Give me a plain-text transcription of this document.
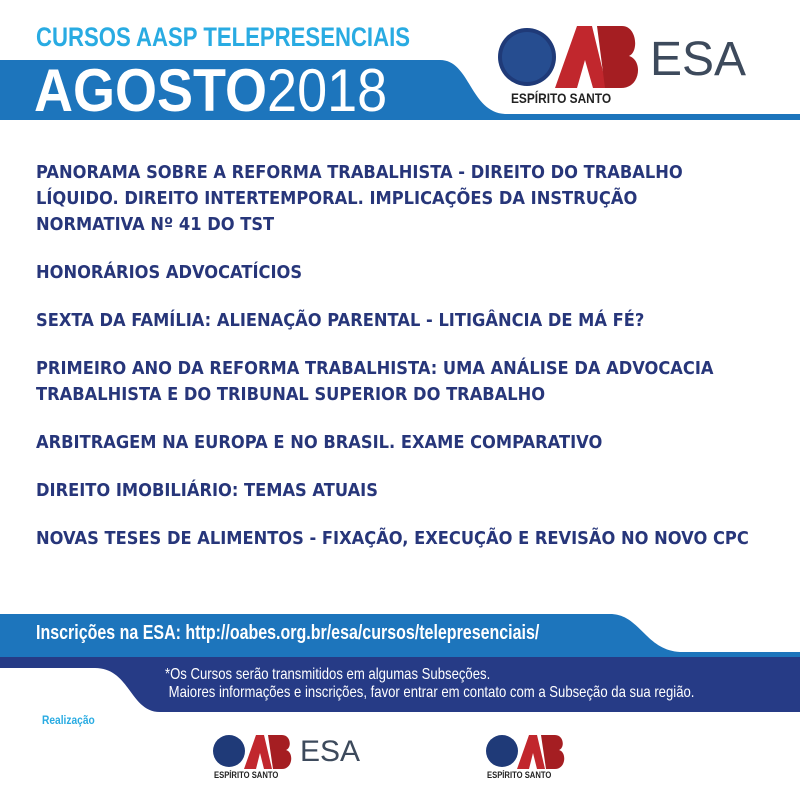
CURSOS AASP TELEPRESENCIAIS
AGOSTO2018	ESPÍRITO SANTO
ESA
PANORAMA SOBRE A REFORMA TRABALHISTA - DIREITO DO TRABALHO
LÍQUIDO. DIREITO INTERTEMPORAL. IMPLICAÇÕES DA INSTRUÇÃO
NORMATIVA Nº 41 DO TST
HONORÁRIOS ADVOCATÍCIOS
SEXTA DA FAMÍLIA: ALIENAÇÃO PARENTAL - LITIGÂNCIA DE MÁ FÉ?
PRIMEIRO ANO DA REFORMA TRABALHISTA: UMA ANÁLISE DA ADVOCACIA
TRABALHISTA E DO TRIBUNAL SUPERIOR DO TRABALHO
ARBITRAGEM NA EUROPA E NO BRASIL. EXAME COMPARATIVO
DIREITO IMOBILIÁRIO: TEMAS ATUAIS
NOVAS TESES DE ALIMENTOS - FIXAÇÃO, EXECUÇÃO E REVISÃO NO NOVO CPC
Inscrições na ESA: http://oabes.org.br/esa/cursos/telepresenciais/
*Os Cursos serão transmitidos em algumas Subseções.
Maiores informações e inscrições, favor entrar em contato com a Subseção da sua região.
Realização
ESPÍRITO SANTO
ESA
ESPÍRITO SANTO
